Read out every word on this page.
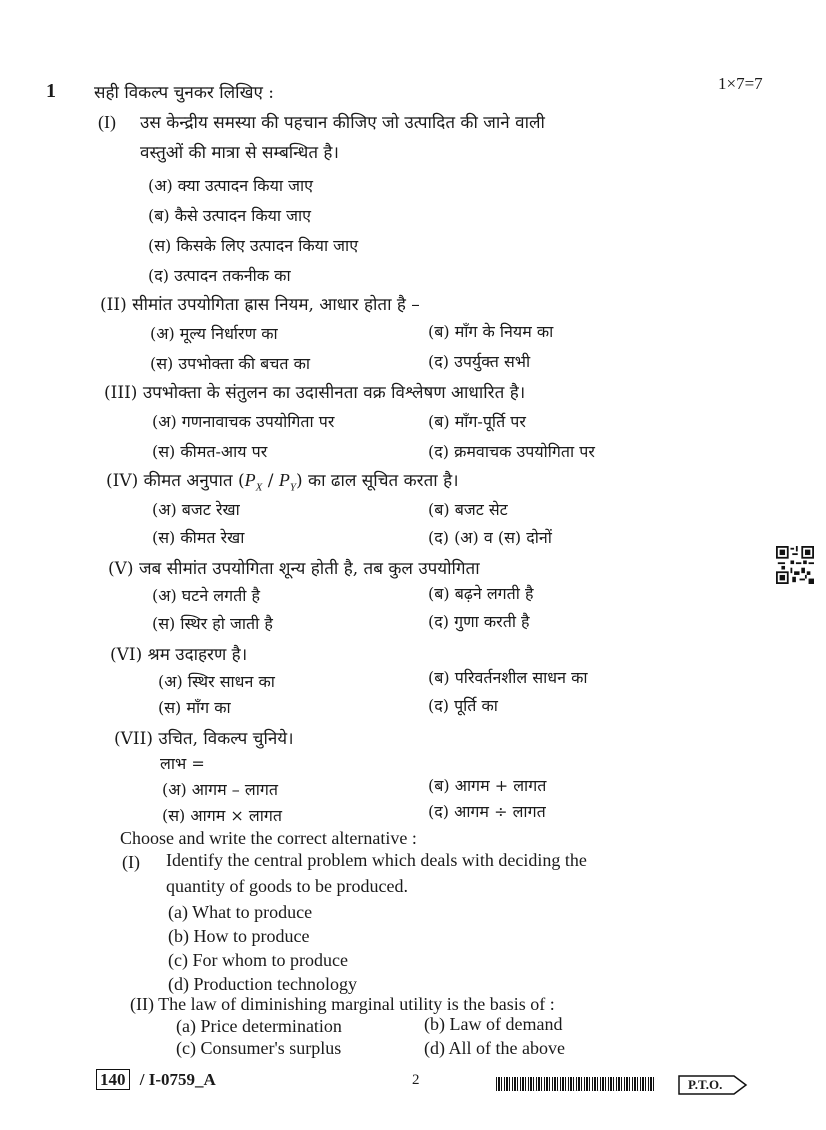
1 सही विकल्प चुनकर लिखिए :	1×7=7
(I) उस केन्द्रीय समस्या की पहचान कीजिए जो उत्पादित की जाने वाली
वस्तुओं की मात्रा से सम्बन्धित है।
(अ) क्या उत्पादन किया जाए
(ब) कैसे उत्पादन किया जाए
(स) किसके लिए उत्पादन किया जाए
(द) उत्पादन तकनीक का
(II) सीमांत उपयोगिता ह्रास नियम, आधार होता है –
(अ) मूल्य निर्धारण का	(ब) माँग के नियम का
(स) उपभोक्ता की बचत का	(द) उपर्युक्त सभी
(III) उपभोक्ता के संतुलन का उदासीनता वक्र विश्लेषण आधारित है।
(अ) गणनावाचक उपयोगिता पर	(ब) माँग-पूर्ति पर
(स) कीमत-आय पर	(द) क्रमवाचक उपयोगिता पर
(IV) कीमत अनुपात $(P_X / P_Y)$ का ढाल सूचित करता है।
(अ) बजट रेखा	(ब) बजट सेट
(स) कीमत रेखा	(द) (अ) व (स) दोनों
(V) जब सीमांत उपयोगिता शून्य होती है, तब कुल उपयोगिता
(अ) घटने लगती है	(ब) बढ़ने लगती है
(स) स्थिर हो जाती है	(द) गुणा करती है
(VI) श्रम उदाहरण है।
(अ) स्थिर साधन का	(ब) परिवर्तनशील साधन का
(स) माँग का	(द) पूर्ति का
(VII) उचित, विकल्प चुनिये।
लाभ =
(अ) आगम – लागत	(ब) आगम + लागत
(स) आगम × लागत	(द) आगम ÷ लागत
Choose and write the correct alternative :
(I) Identify the central problem which deals with deciding the
quantity of goods to be produced.
(a) What to produce
(b) How to produce
(c) For whom to produce
(d) Production technology
(II) The law of diminishing marginal utility is the basis of :
(a) Price determination	(b) Law of demand
(c) Consumer's surplus	(d) All of the above
140 / I-0759_A	2	P.T.O.
